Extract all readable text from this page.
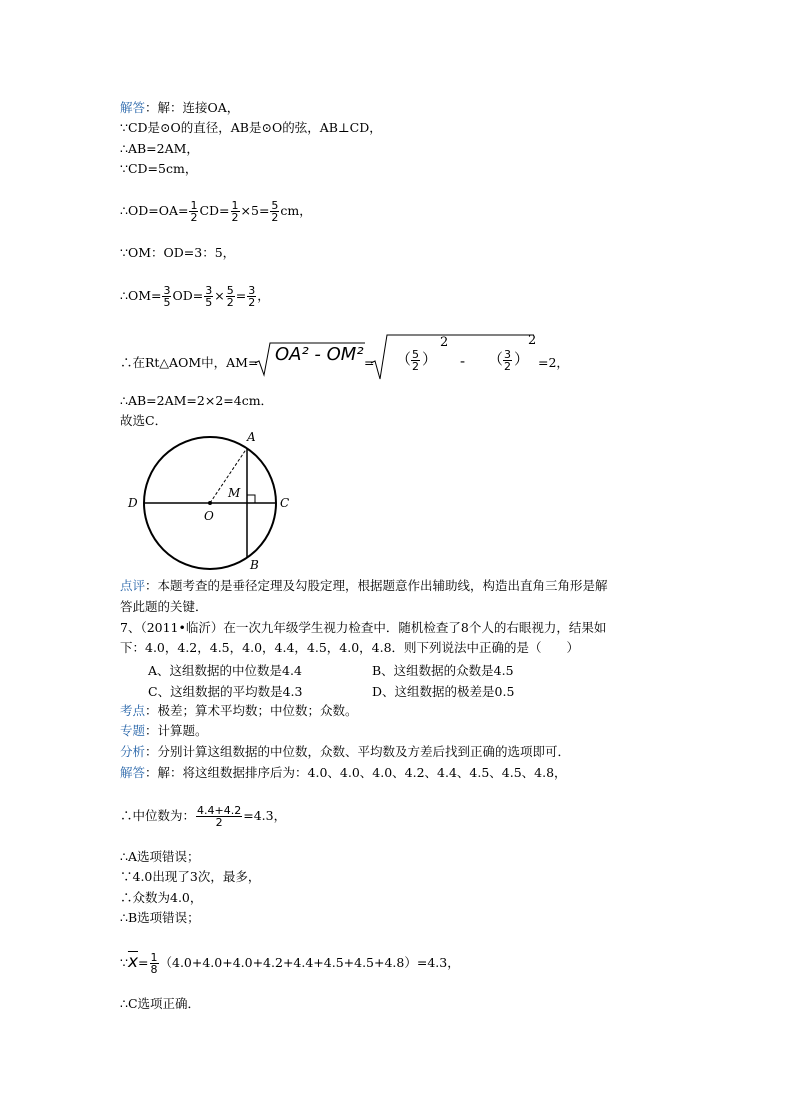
解答：解：连接OA，
∵CD是⊙O的直径，AB是⊙O的弦，AB⊥CD，
∴AB=2AM，
∵CD=5cm，
∴OD=OA= $\frac{1}{2} CD= \frac{1}{2} \times 5= \frac{5}{2}$ cm，
∵OM：OD=3：5，
∴OM= $\frac{3}{5} OD= \frac{3}{5} \times \frac{5}{2} = \frac{3}{2}$ ，
∴在Rt△AOM中，AM= OA² - OM² = （ $\frac{5}{2}$ ）
2
- （ $\frac{3}{2}$ ）
2
=2，
∴AB=2AM=2×2=4cm．
故选C．
A
B
C
D
O
M
点评：本题考查的是垂径定理及勾股定理，根据题意作出辅助线，构造出直角三角形是解
答此题的关键．
7、（2011•临沂）在一次九年级学生视力检查中．随机检查了8个人的右眼视力，结果如
下：4.0，4.2，4.5，4.0，4.4，4.5，4.0，4.8．则下列说法中正确的是（　　）
A、这组数据的中位数是4.4	B、这组数据的众数是4.5
C、这组数据的平均数是4.3	D、这组数据的极差是0.5
考点：极差；算术平均数；中位数；众数。
专题：计算题。
分析：分别计算这组数据的中位数，众数、平均数及方差后找到正确的选项即可．
解答：解：将这组数据排序后为：4.0、4.0、4.0、4.2、4.4、4.5、4.5、4.8，
∴中位数为： $\frac{4.4+4.2}{2} =4.3$，
∴A选项错误；
∵4.0出现了3次，最多，
∴众数为4.0，
∴B选项错误；
$\because\overline{x}= \frac{1}{8} (4.0+4.0+4.0+4.2+4.4+4.5+4.5+4.8)=4.3$，
∴C选项正确．
